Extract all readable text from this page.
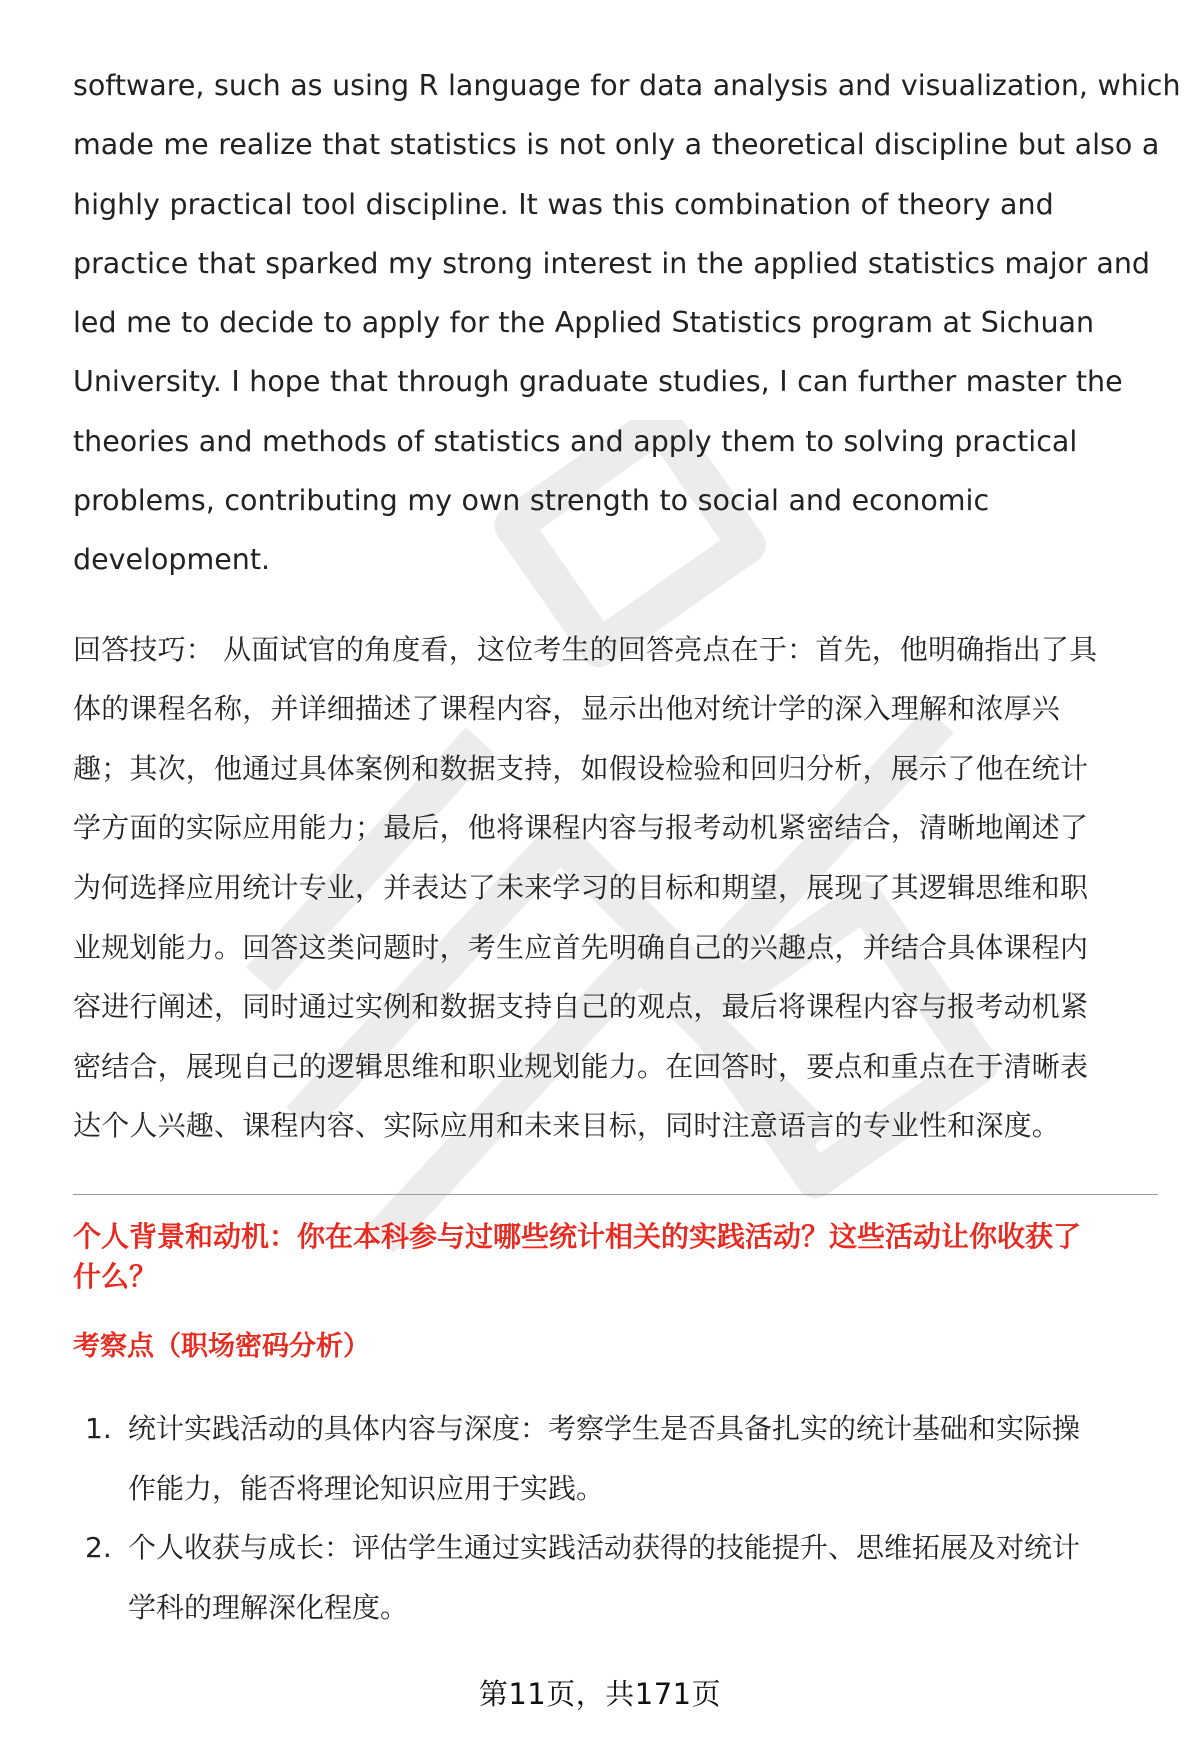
software, such as using R language for data analysis and visualization, which
made me realize that statistics is not only a theoretical discipline but also a
highly practical tool discipline. It was this combination of theory and
practice that sparked my strong interest in the applied statistics major and
led me to decide to apply for the Applied Statistics program at Sichuan
University. I hope that through graduate studies, I can further master the
theories and methods of statistics and apply them to solving practical
problems, contributing my own strength to social and economic
development.

回答技巧： 从面试官的角度看，这位考生的回答亮点在于：首先，他明确指出了具
体的课程名称，并详细描述了课程内容，显示出他对统计学的深入理解和浓厚兴
趣；其次，他通过具体案例和数据支持，如假设检验和回归分析，展示了他在统计
学方面的实际应用能力；最后，他将课程内容与报考动机紧密结合，清晰地阐述了
为何选择应用统计专业，并表达了未来学习的目标和期望，展现了其逻辑思维和职
业规划能力。回答这类问题时，考生应首先明确自己的兴趣点，并结合具体课程内
容进行阐述，同时通过实例和数据支持自己的观点，最后将课程内容与报考动机紧
密结合，展现自己的逻辑思维和职业规划能力。在回答时，要点和重点在于清晰表
达个人兴趣、课程内容、实际应用和未来目标，同时注意语言的专业性和深度。

个人背景和动机：你在本科参与过哪些统计相关的实践活动？这些活动让你收获了
什么？
考察点（职场密码分析）
1. 统计实践活动的具体内容与深度：考察学生是否具备扎实的统计基础和实际操
作能力，能否将理论知识应用于实践。
2. 个人收获与成长：评估学生通过实践活动获得的技能提升、思维拓展及对统计
学科的理解深化程度。
第11页，共171页
